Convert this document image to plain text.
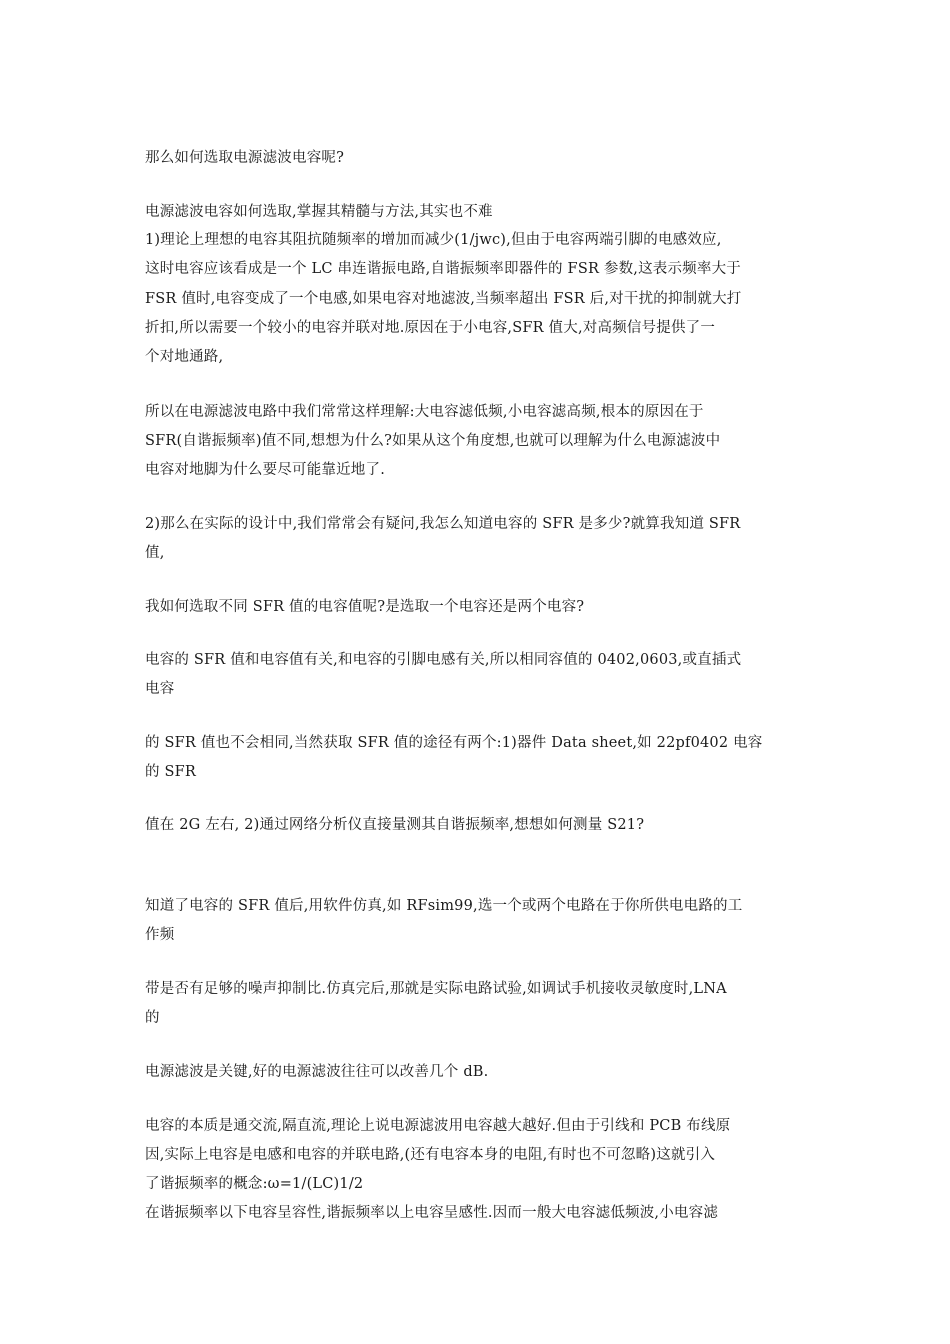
那么如何选取电源滤波电容呢?
电源滤波电容如何选取,掌握其精髓与方法,其实也不难
1)理论上理想的电容其阻抗随频率的增加而减少(1/jwc),但由于电容两端引脚的电感效应,
这时电容应该看成是一个 LC 串连谐振电路,自谐振频率即器件的 FSR 参数,这表示频率大于
FSR 值时,电容变成了一个电感,如果电容对地滤波,当频率超出 FSR 后,对干扰的抑制就大打
折扣,所以需要一个较小的电容并联对地.原因在于小电容,SFR 值大,对高频信号提供了一
个对地通路,
所以在电源滤波电路中我们常常这样理解:大电容滤低频,小电容滤高频,根本的原因在于
SFR(自谐振频率)值不同,想想为什么?如果从这个角度想,也就可以理解为什么电源滤波中
电容对地脚为什么要尽可能靠近地了.
2)那么在实际的设计中,我们常常会有疑问,我怎么知道电容的 SFR 是多少?就算我知道 SFR
值,
我如何选取不同 SFR 值的电容值呢?是选取一个电容还是两个电容?
电容的 SFR 值和电容值有关,和电容的引脚电感有关,所以相同容值的 0402,0603,或直插式
电容
的 SFR 值也不会相同,当然获取 SFR 值的途径有两个:1)器件 Data sheet,如 22pf0402 电容
的 SFR
值在 2G 左右, 2)通过网络分析仪直接量测其自谐振频率,想想如何测量 S21?
知道了电容的 SFR 值后,用软件仿真,如 RFsim99,选一个或两个电路在于你所供电电路的工
作频
带是否有足够的噪声抑制比.仿真完后,那就是实际电路试验,如调试手机接收灵敏度时,LNA
的
电源滤波是关键,好的电源滤波往往可以改善几个 dB.
电容的本质是通交流,隔直流,理论上说电源滤波用电容越大越好.但由于引线和 PCB 布线原
因,实际上电容是电感和电容的并联电路,(还有电容本身的电阻,有时也不可忽略)这就引入
了谐振频率的概念:ω=1/(LC)1/2
在谐振频率以下电容呈容性,谐振频率以上电容呈感性.因而一般大电容滤低频波,小电容滤
